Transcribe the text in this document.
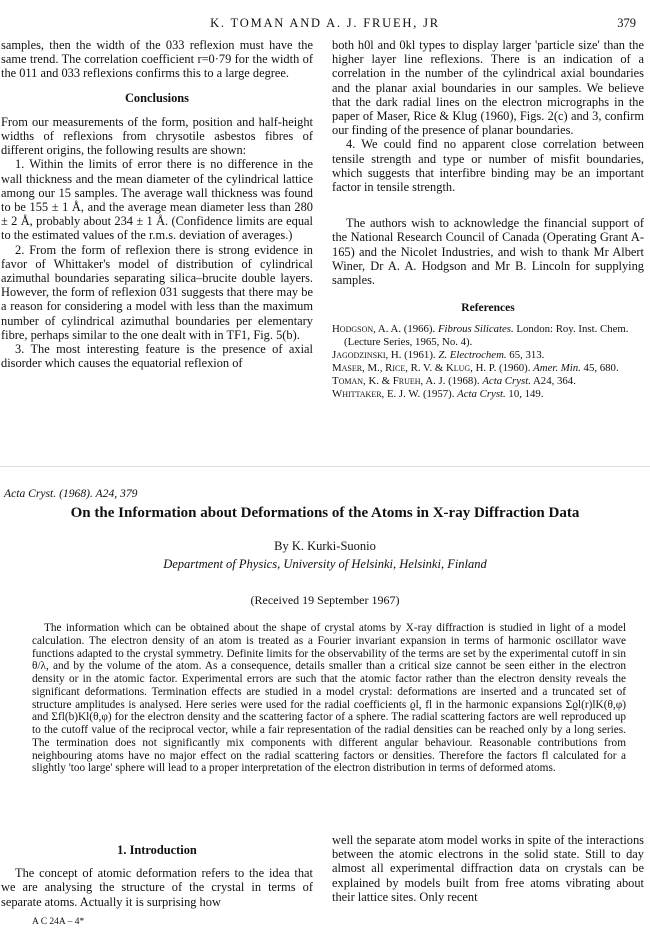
K. TOMAN AND A. J. FRUEH, JR	379

samples, then the width of the 033 reflexion must have the same trend. The correlation coefficient r=0·79 for the width of the 011 and 033 reflexions confirms this to a large degree.

Conclusions

From our measurements of the form, position and half-height widths of reflexions from chrysotile asbestos fibres of different origins, the following results are shown:

1. Within the limits of error there is no difference in the wall thickness and the mean diameter of the cylindrical lattice among our 15 samples. The average wall thickness was found to be 155 ± 1 Å, and the average mean diameter less than 280 ± 2 Å, probably about 234 ± 1 Å. (Confidence limits are equal to the estimated values of the r.m.s. deviation of averages.)

2. From the form of reflexion there is strong evidence in favor of Whittaker's model of distribution of cylindrical azimuthal boundaries separating silica–brucite double layers. However, the form of reflexion 031 suggests that there may be a reason for considering a model with less than the maximum number of cylindrical azimuthal boundaries per elementary fibre, perhaps similar to the one dealt with in TF1, Fig. 5(b).

3. The most interesting feature is the presence of axial disorder which causes the equatorial reflexion of

both h0l and 0kl types to display larger 'particle size' than the higher layer line reflexions. There is an indication of a correlation in the number of the cylindrical axial boundaries and the planar axial boundaries in our samples. We believe that the dark radial lines on the electron micrographs in the paper of Maser, Rice & Klug (1960), Figs. 2(c) and 3, confirm our finding of the presence of planar boundaries.

4. We could find no apparent close correlation between tensile strength and type or number of misfit boundaries, which suggests that interfibre binding may be an important factor in tensile strength.

The authors wish to acknowledge the financial support of the National Research Council of Canada (Operating Grant A-165) and the Nicolet Industries, and wish to thank Mr Albert Winer, Dr A. A. Hodgson and Mr B. Lincoln for supplying samples.

References

Hodgson, A. A. (1966). Fibrous Silicates. London: Roy. Inst. Chem. (Lecture Series, 1965, No. 4).
Jagodzinski, H. (1961). Z. Electrochem. 65, 313.
Maser, M., Rice, R. V. & Klug, H. P. (1960). Amer. Min. 45, 680.
Toman, K. & Frueh, A. J. (1968). Acta Cryst. A24, 364.
Whittaker, E. J. W. (1957). Acta Cryst. 10, 149.
Acta Cryst. (1968). A24, 379
On the Information about Deformations of the Atoms in X-ray Diffraction Data
By K. Kurki-Suonio
Department of Physics, University of Helsinki, Helsinki, Finland
(Received 19 September 1967)

The information which can be obtained about the shape of crystal atoms by X-ray diffraction is studied in light of a model calculation. The electron density of an atom is treated as a Fourier invariant expansion in terms of harmonic oscillator wave functions adapted to the crystal symmetry. Definite limits for the observability of the terms are set by the experimental cutoff in sin θ/λ, and by the volume of the atom. As a consequence, details smaller than a critical size cannot be seen either in the electron density or in the atomic factor. Experimental errors are such that the atomic factor rather than the electron density reveals the significant deformations. Termination effects are studied in a model crystal: deformations are inserted and a truncated set of structure amplitudes is analysed. Here series were used for the radial coefficients ϱl, fl in the harmonic expansions Σϱl(r)lK(θ,φ) and Σfl(b)Kl(θ,φ) for the electron density and the scattering factor of a sphere. The radial scattering factors are well reproduced up to the cutoff value of the reciprocal vector, while a fair representation of the radial densities can be reached only by a long series. The termination does not significantly mix components with different angular behaviour. Reasonable contributions from neighbouring atoms have no major effect on the radial scattering factors or densities. Therefore the factors fl calculated for a slightly 'too large' sphere will lead to a proper interpretation of the electron distribution in terms of deformed atoms.

1. Introduction

The concept of atomic deformation refers to the idea that we are analysing the structure of the crystal in terms of separate atoms. Actually it is surprising how

well the separate atom model works in spite of the interactions between the atomic electrons in the solid state. Still to day almost all experimental diffraction data on crystals can be explained by models built from free atoms vibrating about their lattice sites. Only recent

A C 24A – 4*
